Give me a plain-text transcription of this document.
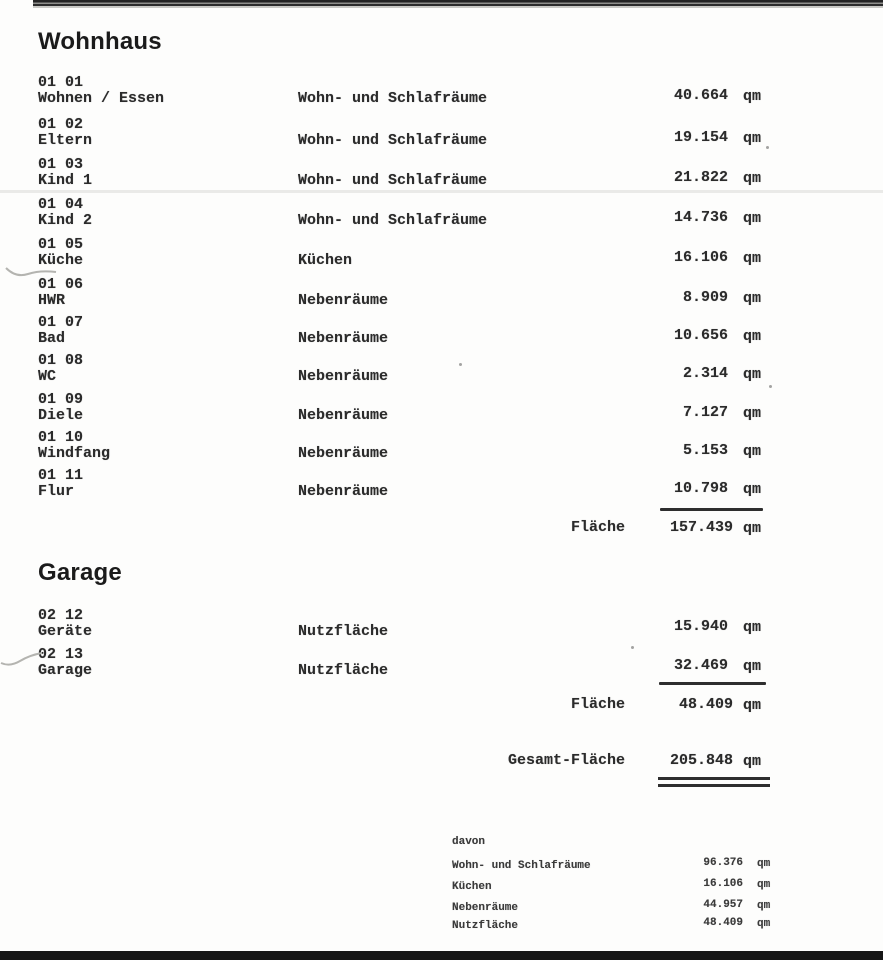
Wohnhaus
01 01
Wohnen / Essen	Wohn- und Schlafräume	40.664 qm
01 02
Eltern	Wohn- und Schlafräume	19.154 qm
01 03
Kind 1	Wohn- und Schlafräume	21.822 qm
01 04
Kind 2	Wohn- und Schlafräume	14.736 qm
01 05
Küche	Küchen	16.106 qm
01 06
HWR	Nebenräume	8.909 qm
01 07
Bad	Nebenräume	10.656 qm
01 08
WC	Nebenräume	2.314 qm
01 09
Diele	Nebenräume	7.127 qm
01 10
Windfang	Nebenräume	5.153 qm
01 11
Flur	Nebenräume	10.798 qm
Fläche	157.439 qm
Garage
02 12
Geräte	Nutzfläche	15.940 qm
02 13
Garage	Nutzfläche	32.469 qm
Fläche	48.409 qm
Gesamt-Fläche	205.848 qm
davon
Wohn- und Schlafräume	96.376 qm
Küchen	16.106 qm
Nebenräume	44.957 qm
Nutzfläche	48.409 qm
